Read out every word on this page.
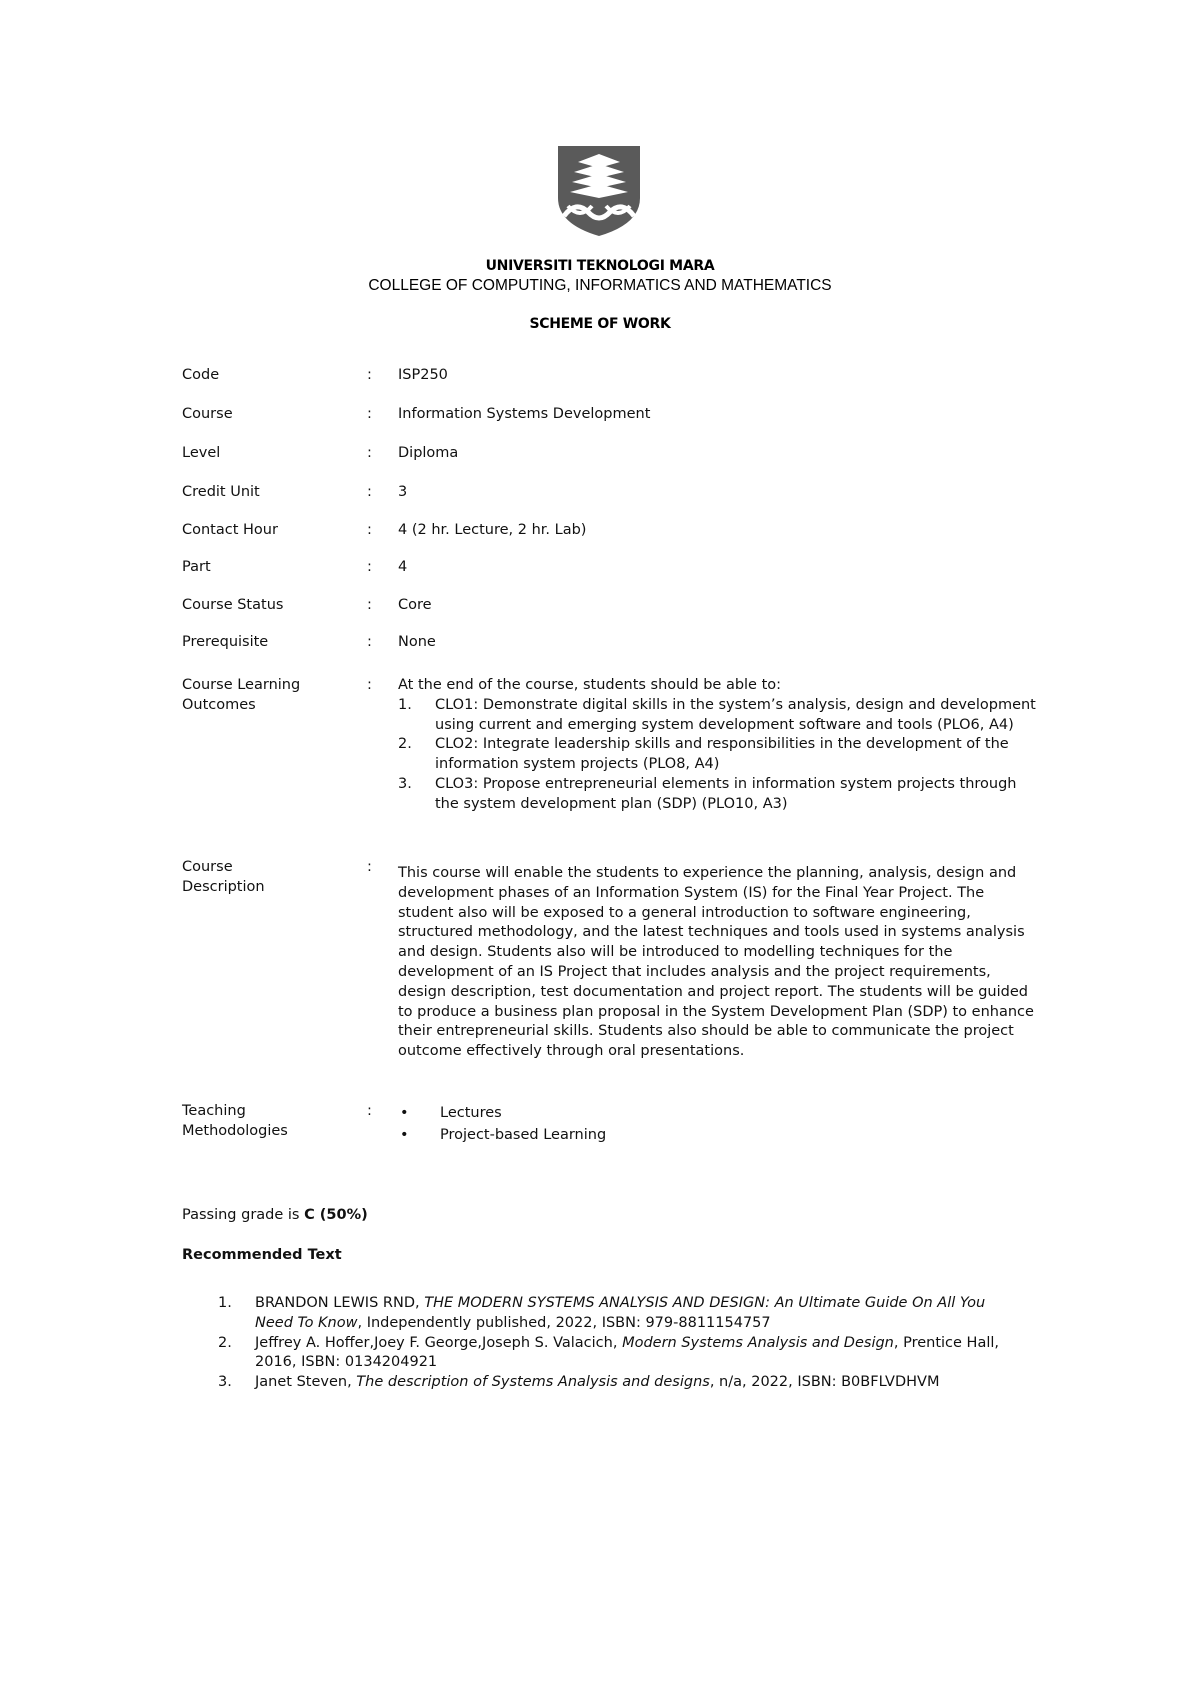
UNIVERSITI TEKNOLOGI MARA
COLLEGE OF COMPUTING, INFORMATICS AND MATHEMATICS
SCHEME OF WORK
Code	: ISP250
Course	: Information Systems Development
Level	: Diploma
Credit Unit	: 3
Contact Hour	: 4 (2 hr. Lecture, 2 hr. Lab)
Part	: 4
Course Status	: Core
Prerequisite	: None
Course Learning
Outcomes
: At the end of the course, students should be able to:
1. CLO1: Demonstrate digital skills in the system’s analysis, design and development using current and emerging system development software and tools (PLO6, A4)
2. CLO2: Integrate leadership skills and responsibilities in the development of the information system projects (PLO8, A4)
3. CLO3: Propose entrepreneurial elements in information system projects through the system development plan (SDP) (PLO10, A3)
Course
Description
: This course will enable the students to experience the planning, analysis, design and development phases of an Information System (IS) for the Final Year Project. The student also will be exposed to a general introduction to software engineering, structured methodology, and the latest techniques and tools used in systems analysis and design. Students also will be introduced to modelling techniques for the development of an IS Project that includes analysis and the project requirements, design description, test documentation and project report. The students will be guided to produce a business plan proposal in the System Development Plan (SDP) to enhance their entrepreneurial skills. Students also should be able to communicate the project outcome effectively through oral presentations.
Teaching
Methodologies
: • Lectures
• Project-based Learning
Passing grade is C (50%)
Recommended Text
1. BRANDON LEWIS RND, THE MODERN SYSTEMS ANALYSIS AND DESIGN: An Ultimate Guide On All You Need To Know, Independently published, 2022, ISBN: 979-8811154757
2. Jeffrey A. Hoffer,Joey F. George,Joseph S. Valacich, Modern Systems Analysis and Design, Prentice Hall, 2016, ISBN: 0134204921
3. Janet Steven, The description of Systems Analysis and designs, n/a, 2022, ISBN: B0BFLVDHVM
